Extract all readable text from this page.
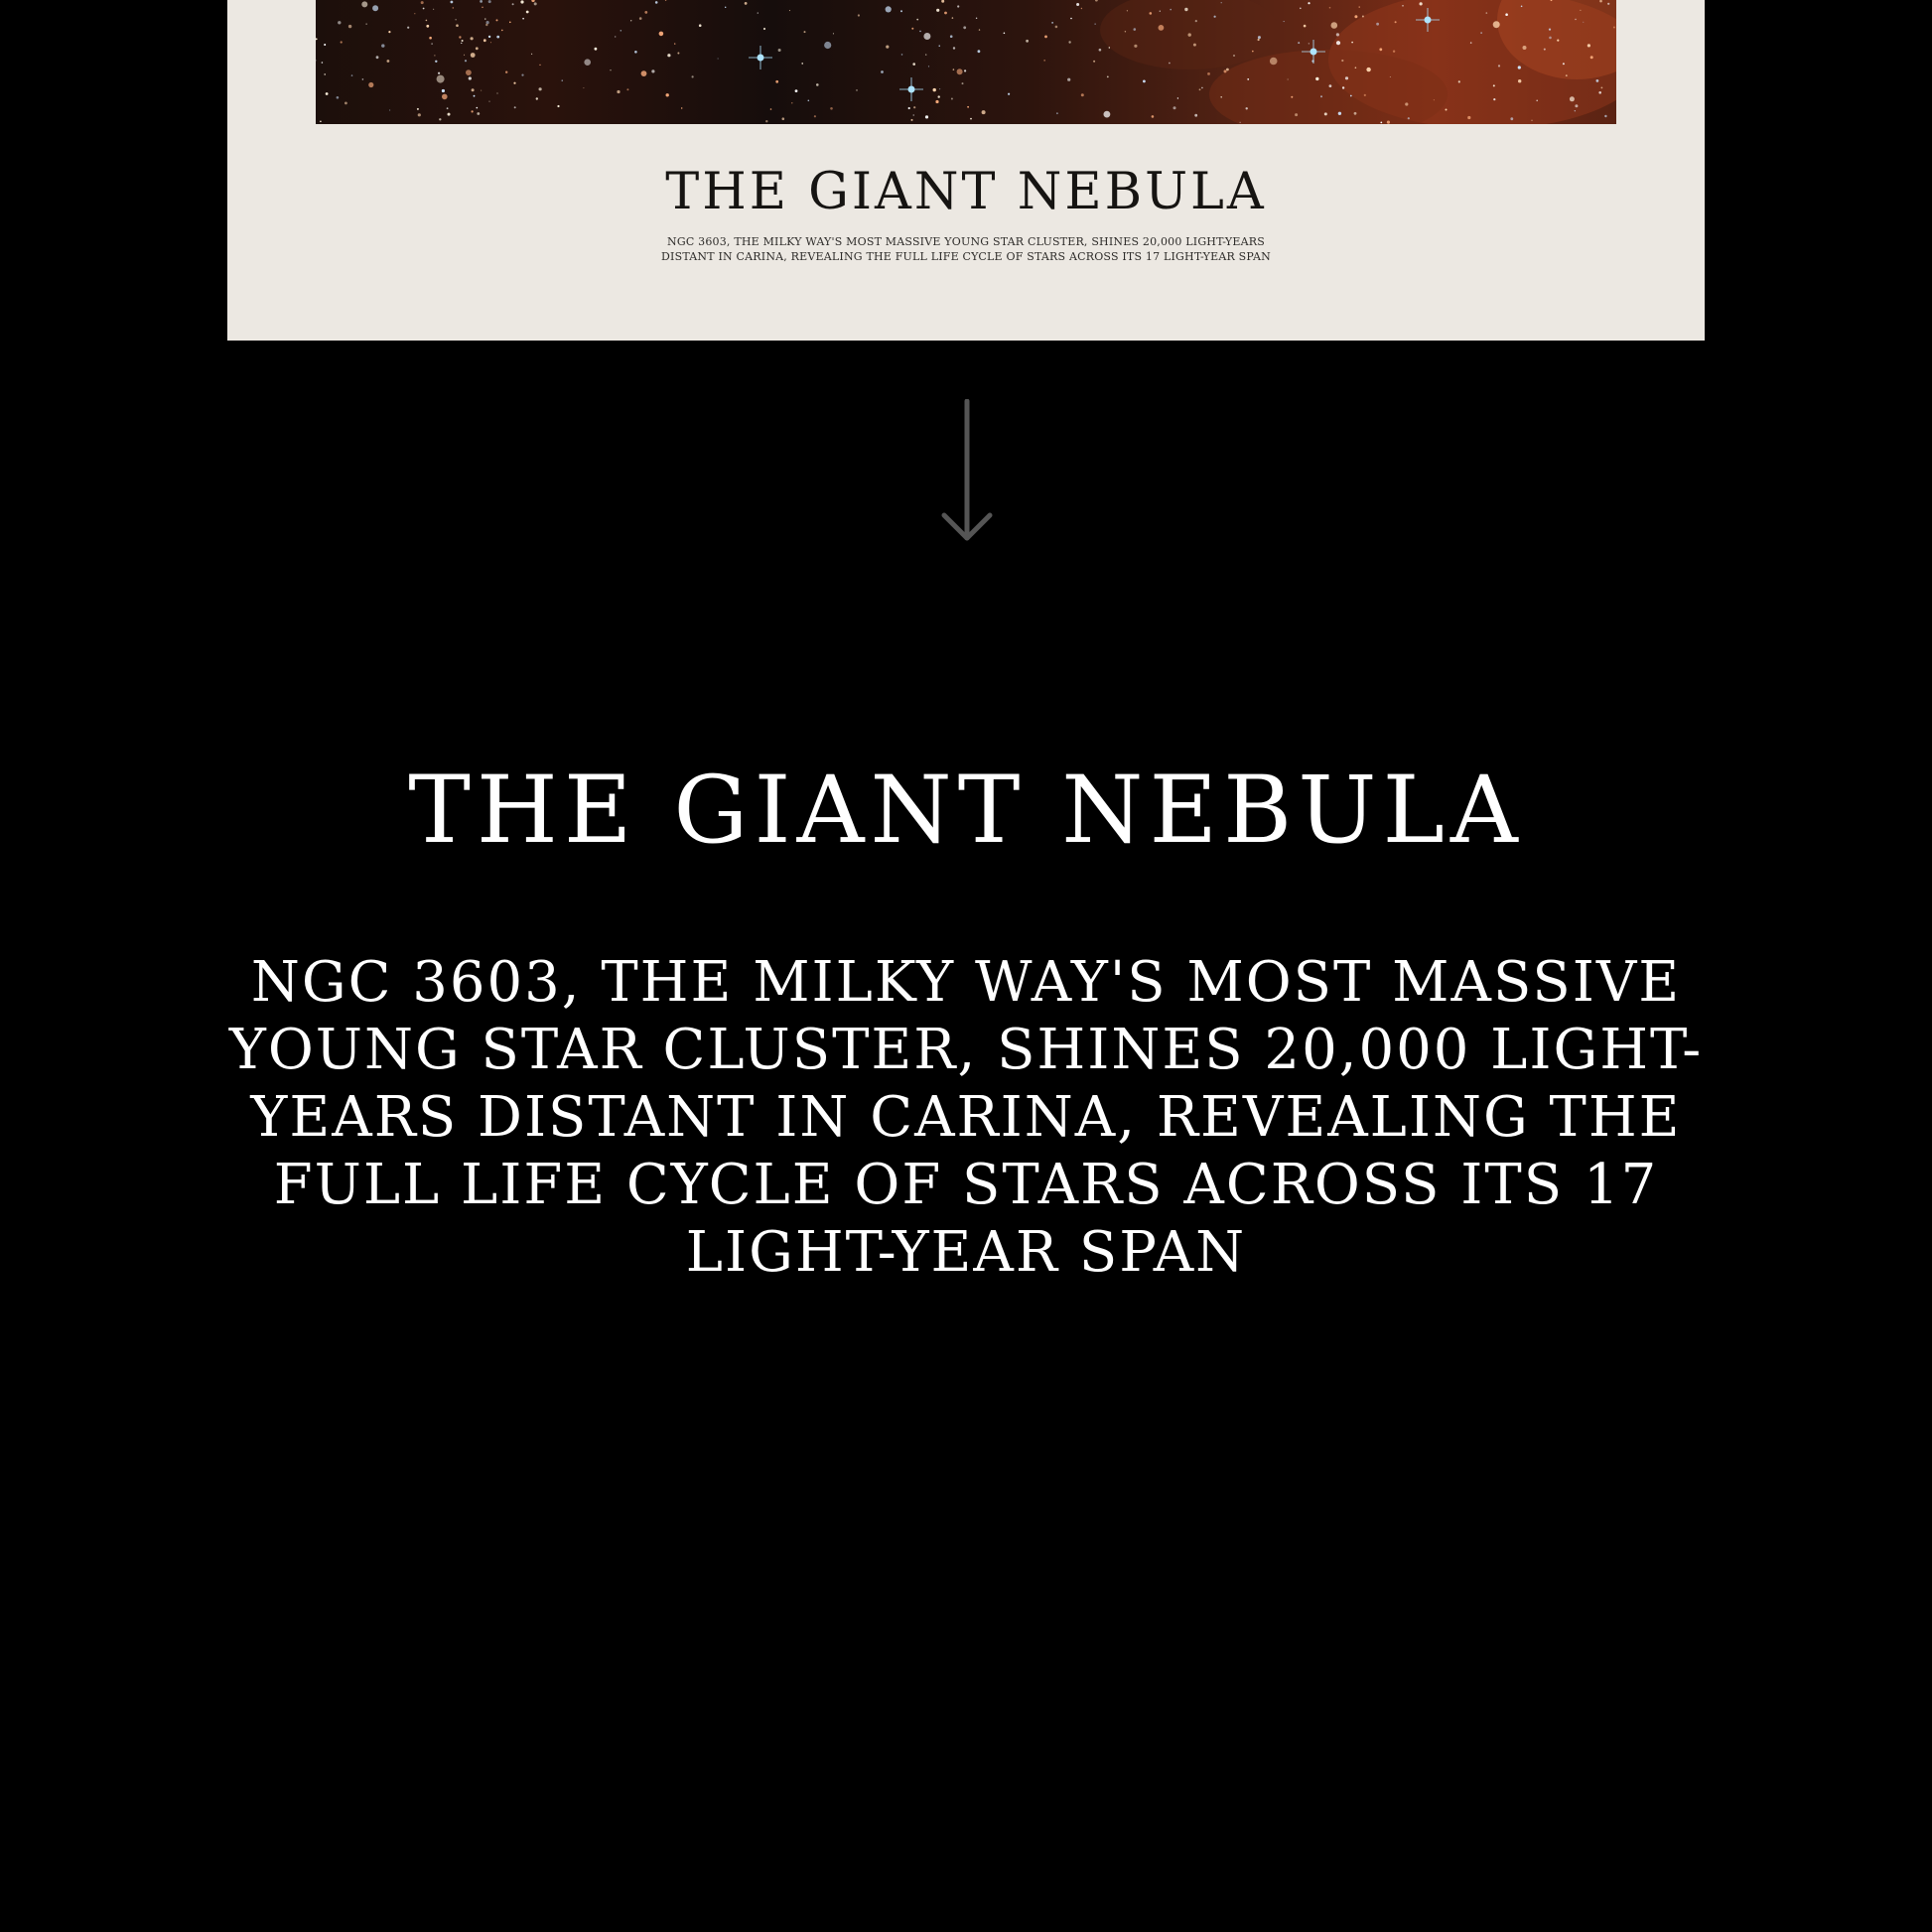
THE GIANT NEBULA
NGC 3603, THE MILKY WAY'S MOST MASSIVE YOUNG STAR CLUSTER, SHINES 20,000 LIGHT-YEARS DISTANT IN CARINA, REVEALING THE FULL LIFE CYCLE OF STARS ACROSS ITS 17 LIGHT-YEAR SPAN
THE GIANT NEBULA
NGC 3603, THE MILKY WAY'S MOST MASSIVE YOUNG STAR CLUSTER, SHINES 20,000 LIGHT-YEARS DISTANT IN CARINA, REVEALING THE FULL LIFE CYCLE OF STARS ACROSS ITS 17 LIGHT-YEAR SPAN
